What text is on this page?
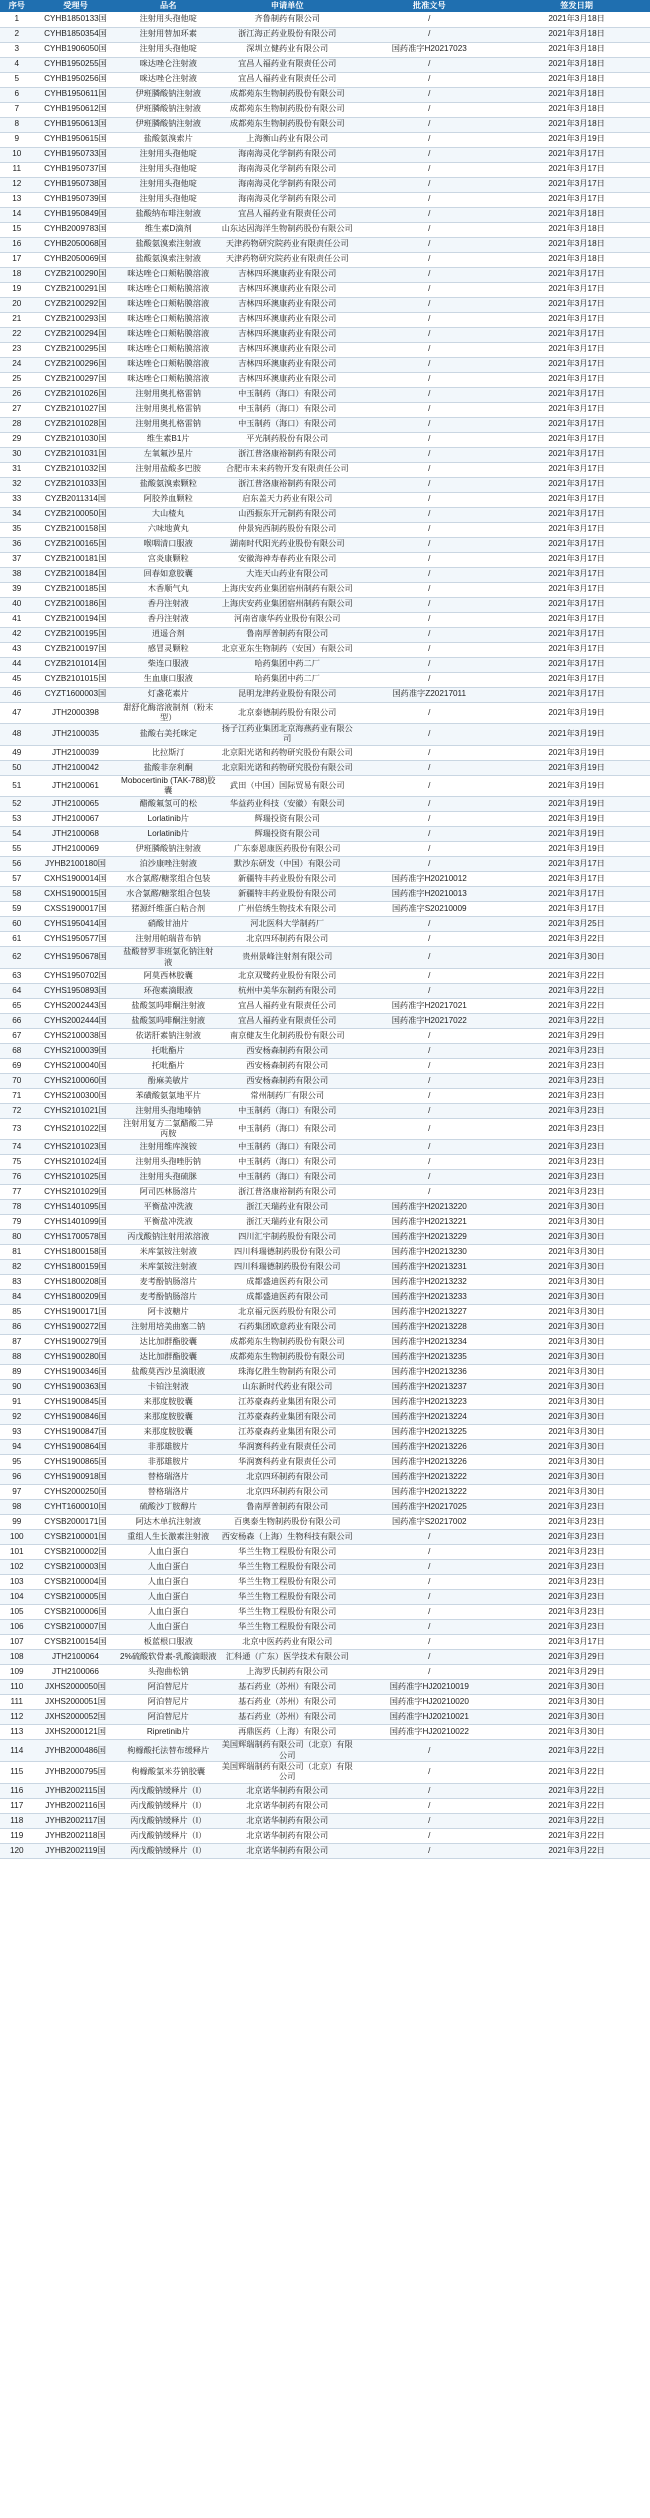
序号	受理号	品名	申请单位	批准文号	签发日期
1	CYHB1850133国	注射用头孢他啶	齐鲁制药有限公司	/	2021年3月18日
2	CYHB1850354国	注射用替加环素	浙江海正药业股份有限公司	/	2021年3月18日
3	CYHB1906050国	注射用头孢他啶	深圳立健药业有限公司	国药准字H20217023	2021年3月18日
4	CYHB1950255国	咪达唑仑注射液	宜昌人福药业有限责任公司	/	2021年3月18日
5	CYHB1950256国	咪达唑仑注射液	宜昌人福药业有限责任公司	/	2021年3月18日
6	CYHB1950611国	伊班膦酸钠注射液	成都苑东生物制药股份有限公司	/	2021年3月18日
7	CYHB1950612国	伊班膦酸钠注射液	成都苑东生物制药股份有限公司	/	2021年3月18日
8	CYHB1950613国	伊班膦酸钠注射液	成都苑东生物制药股份有限公司	/	2021年3月18日
9	CYHB1950615国	盐酸氨溴索片	上海衡山药业有限公司	/	2021年3月19日
10	CYHB1950733国	注射用头孢他啶	海南海灵化学制药有限公司	/	2021年3月17日
11	CYHB1950737国	注射用头孢他啶	海南海灵化学制药有限公司	/	2021年3月17日
12	CYHB1950738国	注射用头孢他啶	海南海灵化学制药有限公司	/	2021年3月17日
13	CYHB1950739国	注射用头孢他啶	海南海灵化学制药有限公司	/	2021年3月17日
14	CYHB1950849国	盐酸纳布啡注射液	宜昌人福药业有限责任公司	/	2021年3月18日
15	CYHB2009783国	维生素D滴剂	山东达因海洋生物制药股份有限公司	/	2021年3月18日
16	CYHB2050068国	盐酸氨溴索注射液	天津药物研究院药业有限责任公司	/	2021年3月18日
17	CYHB2050069国	盐酸氨溴索注射液	天津药物研究院药业有限责任公司	/	2021年3月18日
18	CYZB2100290国	咪达唑仑口颊粘膜溶液	吉林四环澳康药业有限公司	/	2021年3月17日
19	CYZB2100291国	咪达唑仑口颊粘膜溶液	吉林四环澳康药业有限公司	/	2021年3月17日
20	CYZB2100292国	咪达唑仑口颊粘膜溶液	吉林四环澳康药业有限公司	/	2021年3月17日
21	CYZB2100293国	咪达唑仑口颊粘膜溶液	吉林四环澳康药业有限公司	/	2021年3月17日
22	CYZB2100294国	咪达唑仑口颊粘膜溶液	吉林四环澳康药业有限公司	/	2021年3月17日
23	CYZB2100295国	咪达唑仑口颊粘膜溶液	吉林四环澳康药业有限公司	/	2021年3月17日
24	CYZB2100296国	咪达唑仑口颊粘膜溶液	吉林四环澳康药业有限公司	/	2021年3月17日
25	CYZB2100297国	咪达唑仑口颊粘膜溶液	吉林四环澳康药业有限公司	/	2021年3月17日
26	CYZB2101026国	注射用奥扎格雷钠	中玉制药（海口）有限公司	/	2021年3月17日
27	CYZB2101027国	注射用奥扎格雷钠	中玉制药（海口）有限公司	/	2021年3月17日
28	CYZB2101028国	注射用奥扎格雷钠	中玉制药（海口）有限公司	/	2021年3月17日
29	CYZB2101030国	维生素B1片	平光制药股份有限公司	/	2021年3月17日
30	CYZB2101031国	左氧氟沙星片	浙江普洛康裕制药有限公司	/	2021年3月17日
31	CYZB2101032国	注射用盐酸多巴胺	合肥市未来药物开发有限责任公司	/	2021年3月17日
32	CYZB2101033国	盐酸氨溴索颗粒	浙江普洛康裕制药有限公司	/	2021年3月17日
33	CYZB2011314国	阿胶养血颗粒	启东盖天力药业有限公司	/	2021年3月17日
34	CYZB2100050国	大山楂丸	山西振东开元制药有限公司	/	2021年3月17日
35	CYZB2100158国	六味地黄丸	仲景宛西制药股份有限公司	/	2021年3月17日
36	CYZB2100165国	喉咽清口服液	湖南时代阳光药业股份有限公司	/	2021年3月17日
37	CYZB2100181国	宫炎康颗粒	安徽海神寿春药业有限公司	/	2021年3月17日
38	CYZB2100184国	回春如意胶囊	大连天山药业有限公司	/	2021年3月17日
39	CYZB2100185国	木香顺气丸	上海庆安药业集团宿州制药有限公司	/	2021年3月17日
40	CYZB2100186国	香丹注射液	上海庆安药业集团宿州制药有限公司	/	2021年3月17日
41	CYZB2100194国	香丹注射液	河南省康华药业股份有限公司	/	2021年3月17日
42	CYZB2100195国	逍遥合剂	鲁南厚普制药有限公司	/	2021年3月17日
43	CYZB2100197国	感冒灵颗粒	北京亚东生物制药（安国）有限公司	/	2021年3月17日
44	CYZB2101014国	柴连口服液	哈药集团中药二厂	/	2021年3月17日
45	CYZB2101015国	生血康口服液	哈药集团中药二厂	/	2021年3月17日
46	CYZT1600003国	灯盏花素片	昆明龙津药业股份有限公司	国药准字Z20217011	2021年3月17日
47	JTH2000398	甜舒化酶溶液制剂（粉末型）	北京泰德制药股份有限公司	/	2021年3月19日
48	JTH2100035	盐酸右美托咪定	扬子江药业集团北京海燕药业有限公司	/	2021年3月19日
49	JTH2100039	比拉斯汀	北京阳光诺和药物研究股份有限公司	/	2021年3月19日
50	JTH2100042	盐酸非奈利酮	北京阳光诺和药物研究股份有限公司	/	2021年3月19日
51	JTH2100061	Mobocertinib (TAK-788)胶囊	武田（中国）国际贸易有限公司	/	2021年3月19日
52	JTH2100065	醋酸氟氢可的松	华益药业科技（安徽）有限公司	/	2021年3月19日
53	JTH2100067	Lorlatinib片	辉瑞投资有限公司	/	2021年3月19日
54	JTH2100068	Lorlatinib片	辉瑞投资有限公司	/	2021年3月19日
55	JTH2100069	伊班膦酸钠注射液	广东泰恩康医药股份有限公司	/	2021年3月19日
56	JYHB2100180国	泊沙康唑注射液	默沙东研发（中国）有限公司	/	2021年3月17日
57	CXHS1900014国	水合氯醛/糖浆组合包装	新疆特丰药业股份有限公司	国药准字H20210012	2021年3月17日
58	CXHS1900015国	水合氯醛/糖浆组合包装	新疆特丰药业股份有限公司	国药准字H20210013	2021年3月17日
59	CXSS1900017国	猪源纤维蛋白粘合剂	广州倍绣生物技术有限公司	国药准字S20210009	2021年3月17日
60	CYHS1950414国	硝酸甘油片	河北医科大学制药厂	/	2021年3月25日
61	CYHS1950577国	注射用帕瑞昔布钠	北京四环制药有限公司	/	2021年3月22日
62	CYHS1950678国	盐酸替罗非班氯化钠注射液	贵州景峰注射剂有限公司	/	2021年3月30日
63	CYHS1950702国	阿莫西林胶囊	北京双鹭药业股份有限公司	/	2021年3月22日
64	CYHS1950893国	环孢素滴眼液	杭州中美华东制药有限公司	/	2021年3月22日
65	CYHS2002443国	盐酸氢吗啡酮注射液	宜昌人福药业有限责任公司	国药准字H20217021	2021年3月22日
66	CYHS2002444国	盐酸氢吗啡酮注射液	宜昌人福药业有限责任公司	国药准字H20217022	2021年3月22日
67	CYHS2100038国	依诺肝素钠注射液	南京健友生化制药股份有限公司	/	2021年3月29日
68	CYHS2100039国	托吡酯片	西安杨森制药有限公司	/	2021年3月23日
69	CYHS2100040国	托吡酯片	西安杨森制药有限公司	/	2021年3月23日
70	CYHS2100060国	酚麻美敏片	西安杨森制药有限公司	/	2021年3月23日
71	CYHS2100300国	苯磺酸氨氯地平片	常州制药厂有限公司	/	2021年3月23日
72	CYHS2101021国	注射用头孢地嗪钠	中玉制药（海口）有限公司	/	2021年3月23日
73	CYHS2101022国	注射用复方二氯醋酸二异丙胺	中玉制药（海口）有限公司	/	2021年3月23日
74	CYHS2101023国	注射用维库溴铵	中玉制药（海口）有限公司	/	2021年3月23日
75	CYHS2101024国	注射用头孢唑肟钠	中玉制药（海口）有限公司	/	2021年3月23日
76	CYHS2101025国	注射用头孢硫脒	中玉制药（海口）有限公司	/	2021年3月23日
77	CYHS2101029国	阿司匹林肠溶片	浙江普洛康裕制药有限公司	/	2021年3月23日
78	CYHS1401095国	平衡盐冲洗液	浙江天瑞药业有限公司	国药准字H20213220	2021年3月30日
79	CYHS1401099国	平衡盐冲洗液	浙江天瑞药业有限公司	国药准字H20213221	2021年3月30日
80	CYHS1700578国	丙戊酸钠注射用浓溶液	四川汇宇制药股份有限公司	国药准字H20213229	2021年3月30日
81	CYHS1800158国	米库氯铵注射液	四川科瑞德制药股份有限公司	国药准字H20213230	2021年3月30日
82	CYHS1800159国	米库氯铵注射液	四川科瑞德制药股份有限公司	国药准字H20213231	2021年3月30日
83	CYHS1800208国	麦考酚钠肠溶片	成都盛迪医药有限公司	国药准字H20213232	2021年3月30日
84	CYHS1800209国	麦考酚钠肠溶片	成都盛迪医药有限公司	国药准字H20213233	2021年3月30日
85	CYHS1900171国	阿卡波糖片	北京福元医药股份有限公司	国药准字H20213227	2021年3月30日
86	CYHS1900272国	注射用培美曲塞二钠	石药集团欧意药业有限公司	国药准字H20213228	2021年3月30日
87	CYHS1900279国	达比加群酯胶囊	成都苑东生物制药股份有限公司	国药准字H20213234	2021年3月30日
88	CYHS1900280国	达比加群酯胶囊	成都苑东生物制药股份有限公司	国药准字H20213235	2021年3月30日
89	CYHS1900346国	盐酸莫西沙星滴眼液	珠海亿胜生物制药有限公司	国药准字H20213236	2021年3月30日
90	CYHS1900363国	卡铂注射液	山东新时代药业有限公司	国药准字H20213237	2021年3月30日
91	CYHS1900845国	来那度胺胶囊	江苏豪森药业集团有限公司	国药准字H20213223	2021年3月30日
92	CYHS1900846国	来那度胺胶囊	江苏豪森药业集团有限公司	国药准字H20213224	2021年3月30日
93	CYHS1900847国	来那度胺胶囊	江苏豪森药业集团有限公司	国药准字H20213225	2021年3月30日
94	CYHS1900864国	非那雄胺片	华润赛科药业有限责任公司	国药准字H20213226	2021年3月30日
95	CYHS1900865国	非那雄胺片	华润赛科药业有限责任公司	国药准字H20213226	2021年3月30日
96	CYHS1900918国	替格瑞洛片	北京四环制药有限公司	国药准字H20213222	2021年3月30日
97	CYHS2000250国	替格瑞洛片	北京四环制药有限公司	国药准字H20213222	2021年3月30日
98	CYHT1600010国	硫酸沙丁胺醇片	鲁南厚普制药有限公司	国药准字H20217025	2021年3月23日
99	CYSB2000171国	阿达木单抗注射液	百奥泰生物制药股份有限公司	国药准字S20217002	2021年3月23日
100	CYSB2100001国	重组人生长激素注射液	西安杨森（上海）生物科技有限公司	/	2021年3月23日
101	CYSB2100002国	人血白蛋白	华兰生物工程股份有限公司	/	2021年3月23日
102	CYSB2100003国	人血白蛋白	华兰生物工程股份有限公司	/	2021年3月23日
103	CYSB2100004国	人血白蛋白	华兰生物工程股份有限公司	/	2021年3月23日
104	CYSB2100005国	人血白蛋白	华兰生物工程股份有限公司	/	2021年3月23日
105	CYSB2100006国	人血白蛋白	华兰生物工程股份有限公司	/	2021年3月23日
106	CYSB2100007国	人血白蛋白	华兰生物工程股份有限公司	/	2021年3月23日
107	CYSB2100154国	板蓝根口服液	北京中医药药业有限公司	/	2021年3月17日
108	JTH2100064	2%硫酸软骨素-乳酸滴眼液	汇科通（广东）医学技术有限公司	/	2021年3月29日
109	JTH2100066	头孢曲松钠	上海罗氏制药有限公司	/	2021年3月29日
110	JXHS2000050国	阿泊替尼片	基石药业（苏州）有限公司	国药准字HJ20210019	2021年3月30日
111	JXHS2000051国	阿泊替尼片	基石药业（苏州）有限公司	国药准字HJ20210020	2021年3月30日
112	JXHS2000052国	阿泊替尼片	基石药业（苏州）有限公司	国药准字HJ20210021	2021年3月30日
113	JXHS2000121国	Ripretinib片	再鼎医药（上海）有限公司	国药准字HJ20210022	2021年3月30日
114	JYHB2000486国	枸橼酸托法替布缓释片	美国辉瑞制药有限公司（北京）有限公司	/	2021年3月22日
115	JYHB2000795国	枸橼酸氯米芬钠胶囊	美国辉瑞制药有限公司（北京）有限公司	/	2021年3月22日
116	JYHB2002115国	丙戊酸钠缓释片（Ⅰ）	北京诺华制药有限公司	/	2021年3月22日
117	JYHB2002116国	丙戊酸钠缓释片（Ⅰ）	北京诺华制药有限公司	/	2021年3月22日
118	JYHB2002117国	丙戊酸钠缓释片（Ⅰ）	北京诺华制药有限公司	/	2021年3月22日
119	JYHB2002118国	丙戊酸钠缓释片（Ⅰ）	北京诺华制药有限公司	/	2021年3月22日
120	JYHB2002119国	丙戊酸钠缓释片（Ⅰ）	北京诺华制药有限公司	/	2021年3月22日
